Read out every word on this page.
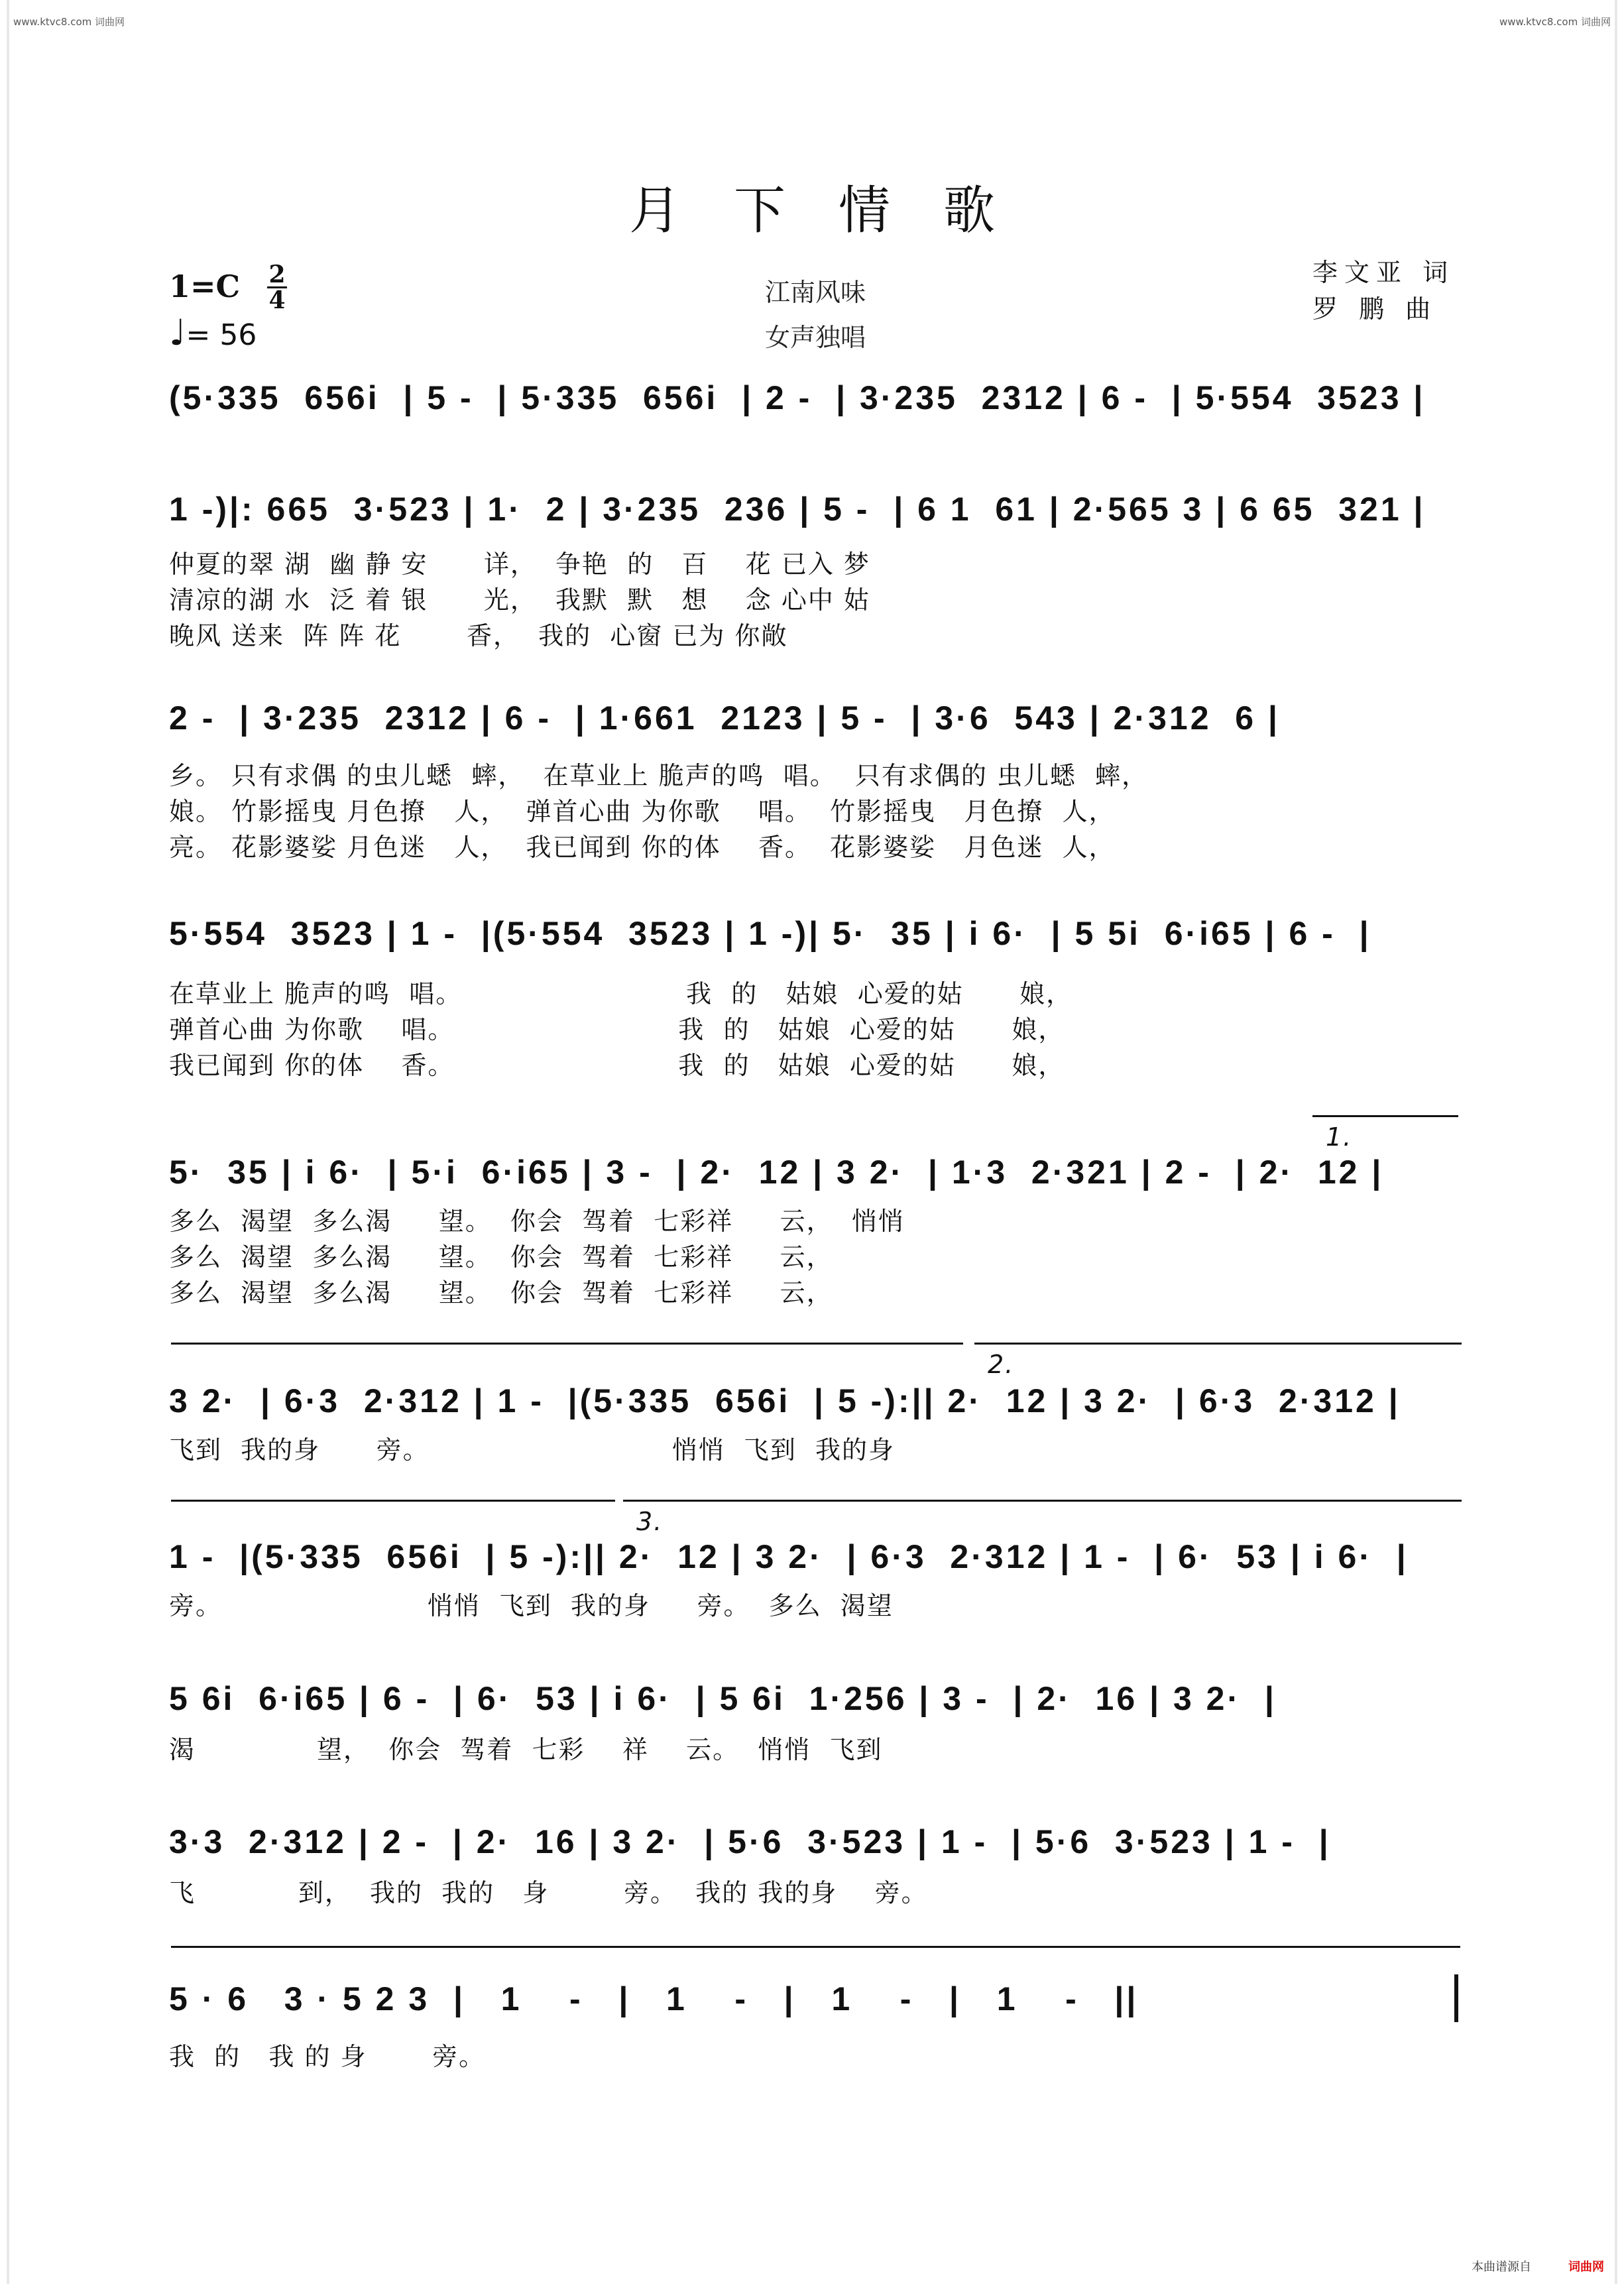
www.ktvc8.com 词曲网	www.ktvc8.com 词曲网
月下情歌
1=C 2
4
♩= 56
江南风味
女声独唱
李文亚 词
罗 鹏 曲
(5·335  656i  | 5 -  | 5·335  656i  | 2 -  | 3·235  2312 | 6 -  | 5·554  3523 |
1 -)|: 665  3·523 | 1·  2 | 3·235  236 | 5 -  | 6 1  61 | 2·565 3 | 6 65  321 |
仲夏的翠 湖  幽 静 安      详，  争艳  的   百    花 已入 梦
清凉的湖 水  泛 着 银      光，  我默  默   想    念 心中 姑
晚风 送来  阵 阵 花       香，  我的  心窗 已为 你敞
2 -  | 3·235  2312 | 6 -  | 1·661  2123 | 5 -  | 3·6  543 | 2·312  6 |
乡。 只有求偶 的虫儿蟋  蟀，  在草业上 脆声的鸣  唱。  只有求偶的 虫儿蟋  蟀，
娘。 竹影摇曳 月色撩   人，  弹首心曲 为你歌    唱。  竹影摇曳   月色撩  人，
亮。 花影婆娑 月色迷   人，  我已闻到 你的体    香。  花影婆娑   月色迷  人，
5·554  3523 | 1 -  |(5·554  3523 | 1 -)| 5·  35 | i 6·  | 5 5i  6·i65 | 6 -  |
在草业上 脆声的鸣  唱。                        我  的   姑娘  心爱的姑      娘，
弹首心曲 为你歌    唱。                        我  的   姑娘  心爱的姑      娘，
我已闻到 你的体    香。                        我  的   姑娘  心爱的姑      娘，
1.
5·  35 | i 6·  | 5·i  6·i65 | 3 -  | 2·  12 | 3 2·  | 1·3  2·321 | 2 -  | 2·  12 |
多么  渴望  多么渴     望。  你会  驾着  七彩祥     云，  悄悄
多么  渴望  多么渴     望。  你会  驾着  七彩祥     云，
多么  渴望  多么渴     望。  你会  驾着  七彩祥     云，
2.
3 2·  | 6·3  2·312 | 1 -  |(5·335  656i  | 5 -):|| 2·  12 | 3 2·  | 6·3  2·312 |
飞到  我的身      旁。                          悄悄  飞到  我的身
3.
1 -  |(5·335  656i  | 5 -):|| 2·  12 | 3 2·  | 6·3  2·312 | 1 -  | 6·  53 | i 6·  |
旁。                      悄悄  飞到  我的身     旁。  多么  渴望
5 6i  6·i65 | 6 -  | 6·  53 | i 6·  | 5 6i  1·256 | 3 -  | 2·  16 | 3 2·  |
渴             望，  你会  驾着  七彩    祥    云。  悄悄  飞到
3·3  2·312 | 2 -  | 2·  16 | 3 2·  | 5·6  3·523 | 1 -  | 5·6  3·523 | 1 -  |
飞           到，  我的  我的   身        旁。  我的 我的身    旁。
5 · 6   3 · 5 2 3  |   1    -   |   1    -   |   1    -   |   1    -   ||
我  的   我 的 身       旁。
本曲谱源自	词曲网
